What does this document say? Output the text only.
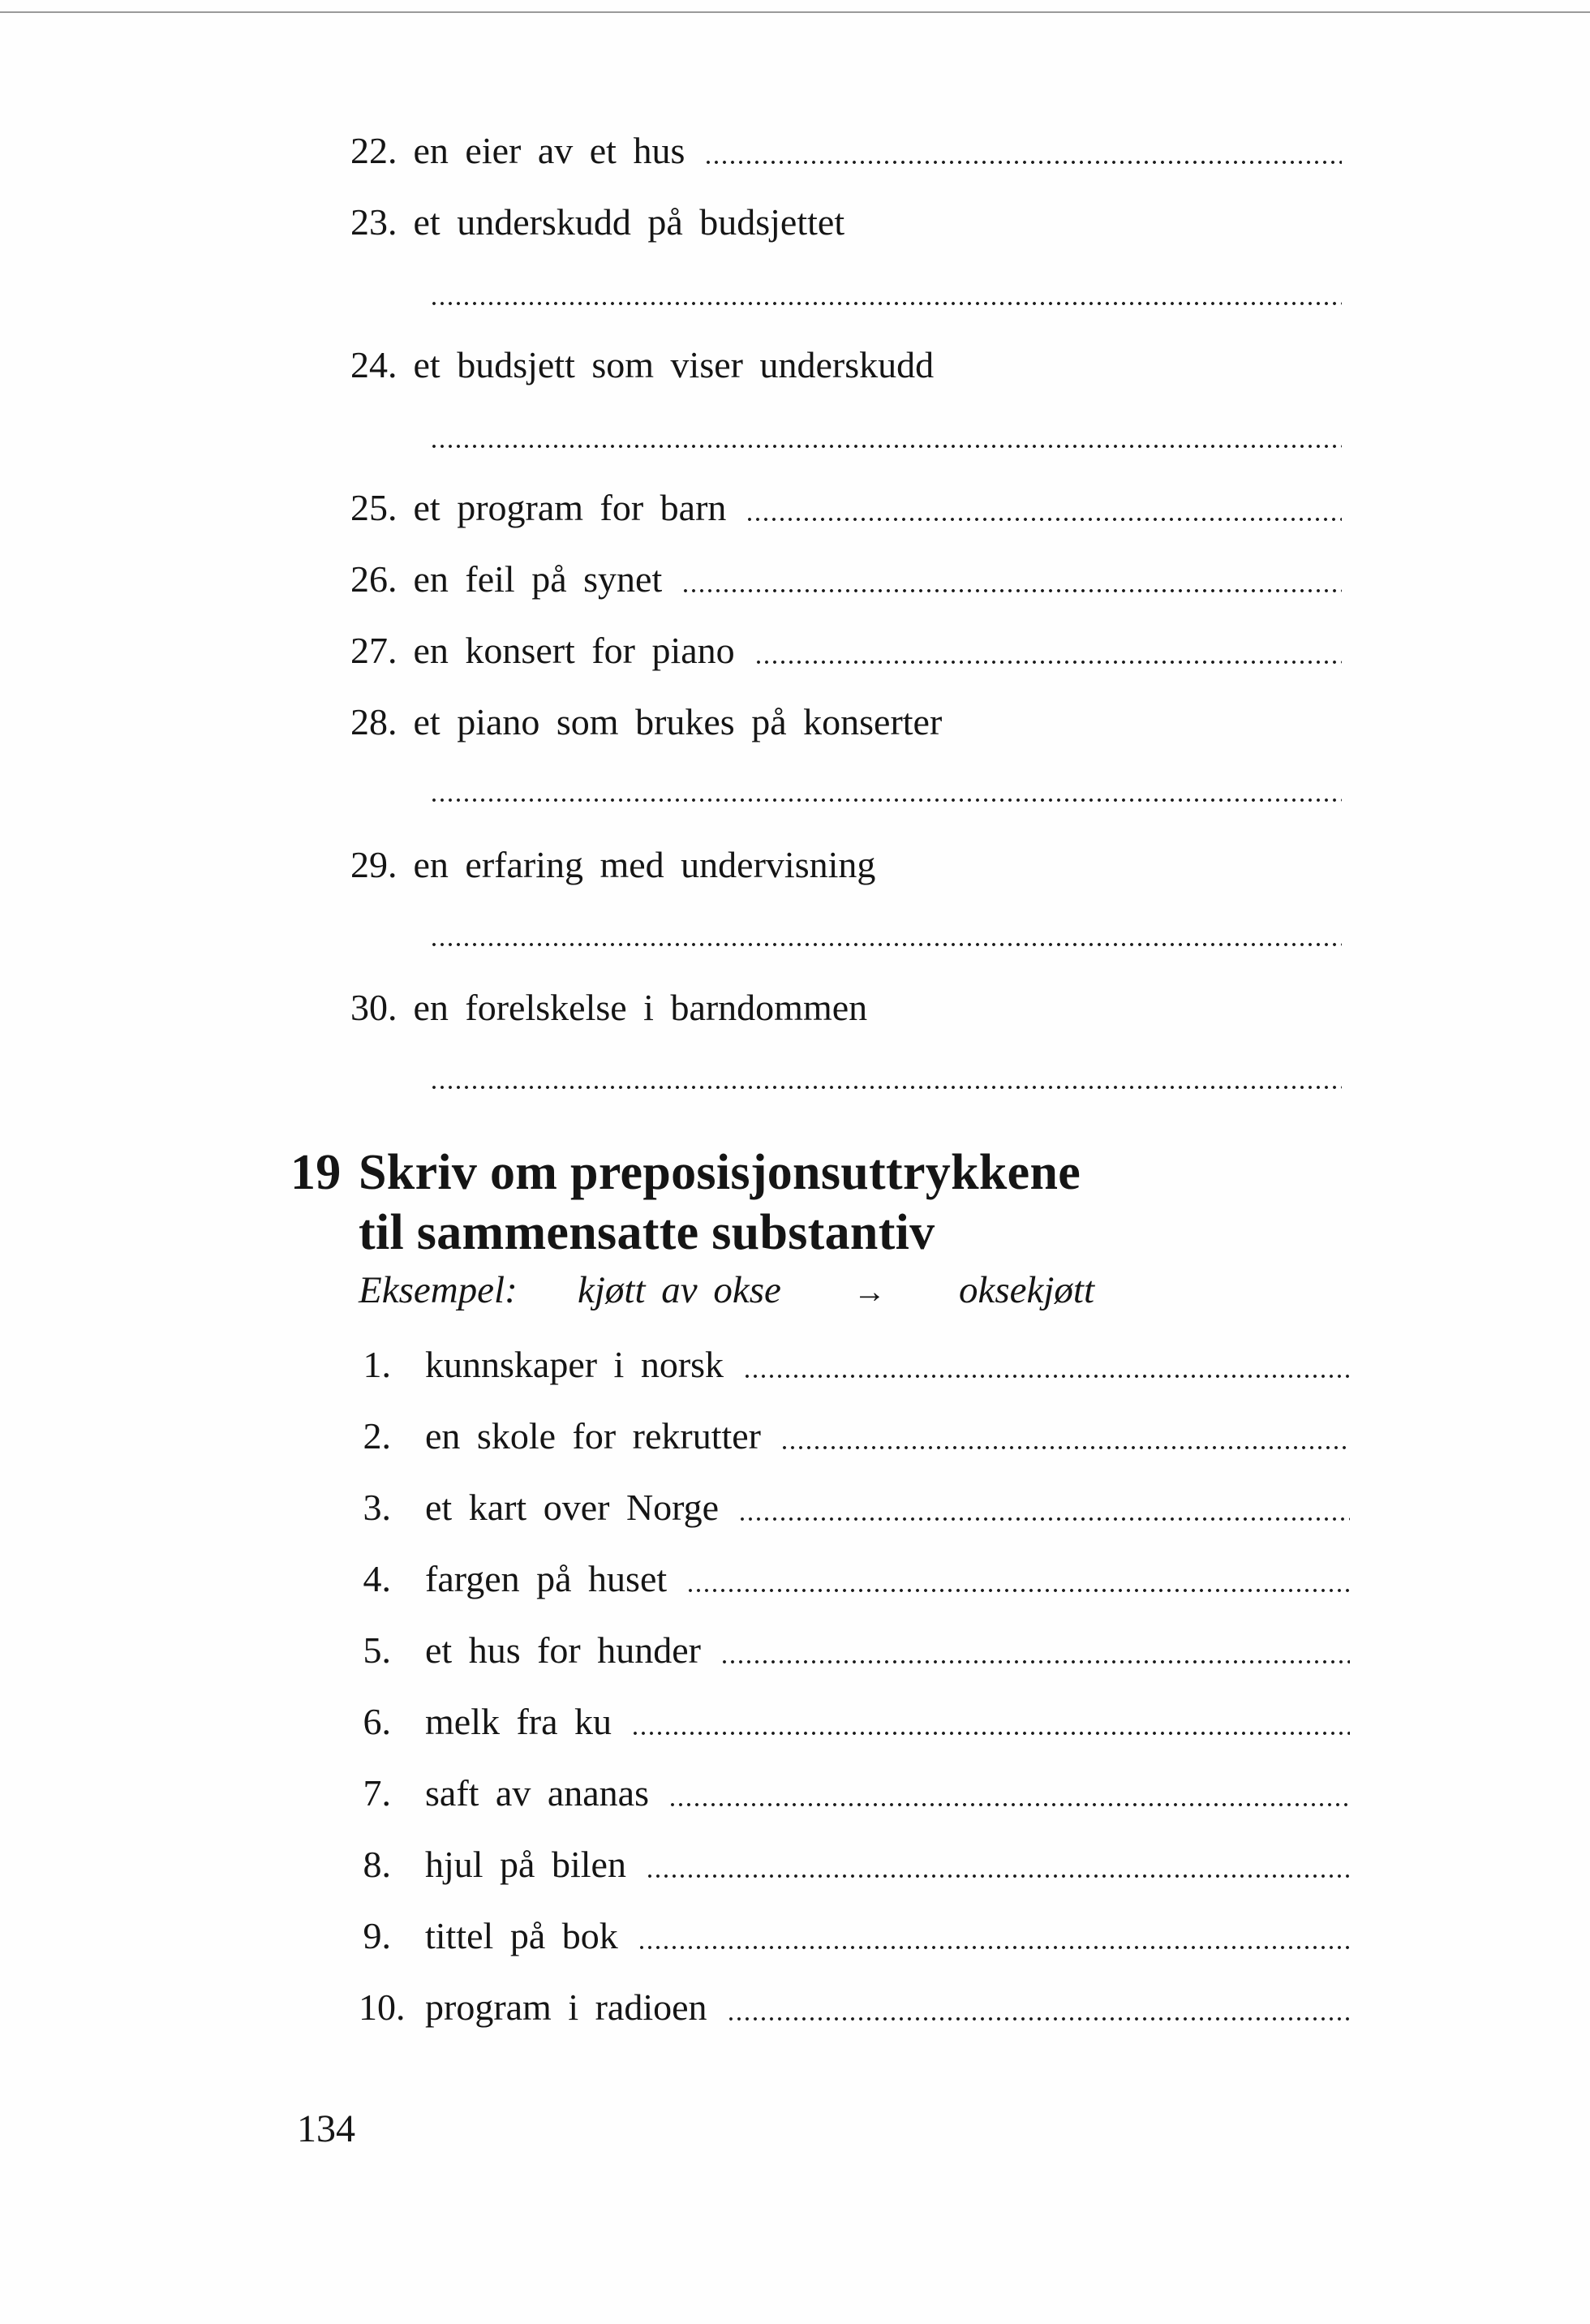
22. en eier av et hus
23. et underskudd på budsjettet
24. et budsjett som viser underskudd
25. et program for barn
26. en feil på synet
27. en konsert for piano
28. et piano som brukes på konserter
29. en erfaring med undervisning
30. en forelskelse i barndommen
19 Skriv om preposisjonsuttrykkene
til sammensatte substantiv
Eksempel: kjøtt av okse → oksekjøtt
1. kunnskaper i norsk
2. en skole for rekrutter
3. et kart over Norge
4. fargen på huset
5. et hus for hunder
6. melk fra ku
7. saft av ananas
8. hjul på bilen
9. tittel på bok
10. program i radioen
134
